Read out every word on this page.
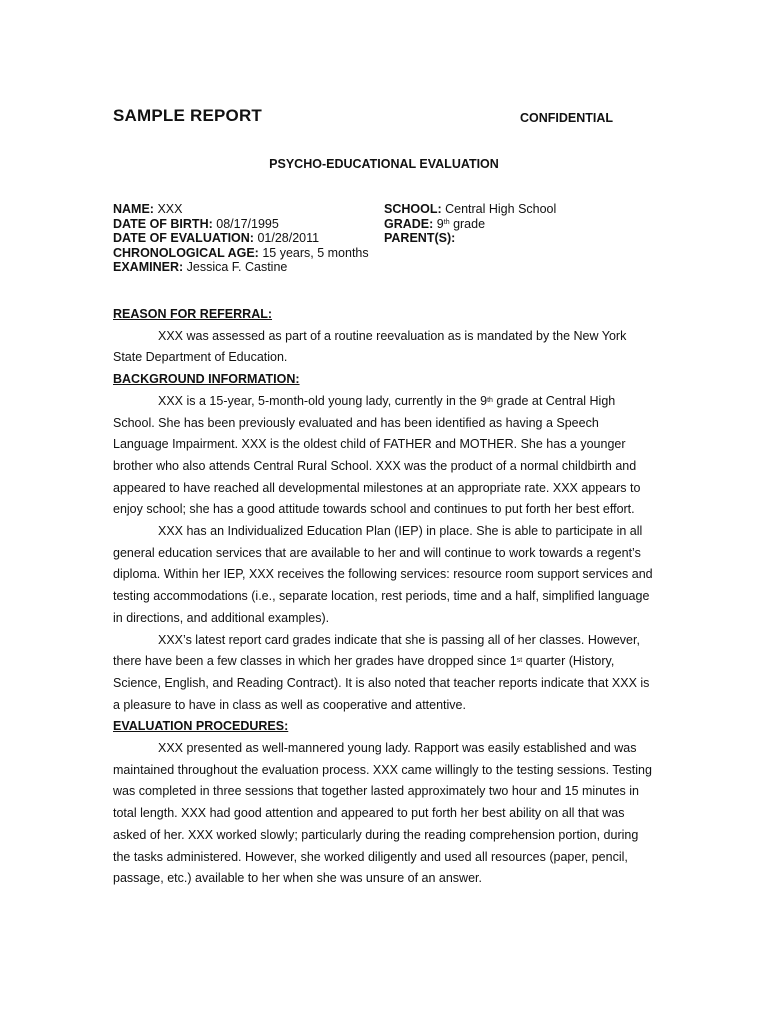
SAMPLE REPORT	CONFIDENTIAL
PSYCHO-EDUCATIONAL EVALUATION
NAME: XXX
DATE OF BIRTH: 08/17/1995
DATE OF EVALUATION: 01/28/2011
CHRONOLOGICAL AGE: 15 years, 5 months
EXAMINER: Jessica F. Castine
SCHOOL: Central High School
GRADE: 9th grade
PARENT(S):
REASON FOR REFERRAL:

XXX was assessed as part of a routine reevaluation as is mandated by the New York State Department of Education.

BACKGROUND INFORMATION:

XXX is a 15-year, 5-month-old young lady, currently in the 9th grade at Central High School. She has been previously evaluated and has been identified as having a Speech Language Impairment. XXX is the oldest child of FATHER and MOTHER. She has a younger brother who also attends Central Rural School. XXX was the product of a normal childbirth and appeared to have reached all developmental milestones at an appropriate rate. XXX appears to enjoy school; she has a good attitude towards school and continues to put forth her best effort.

XXX has an Individualized Education Plan (IEP) in place. She is able to participate in all general education services that are available to her and will continue to work towards a regent’s diploma. Within her IEP, XXX receives the following services: resource room support services and testing accommodations (i.e., separate location, rest periods, time and a half, simplified language in directions, and additional examples).

XXX’s latest report card grades indicate that she is passing all of her classes. However, there have been a few classes in which her grades have dropped since 1st quarter (History, Science, English, and Reading Contract). It is also noted that teacher reports indicate that XXX is a pleasure to have in class as well as cooperative and attentive.

EVALUATION PROCEDURES:

XXX presented as well-mannered young lady. Rapport was easily established and was maintained throughout the evaluation process. XXX came willingly to the testing sessions. Testing was completed in three sessions that together lasted approximately two hour and 15 minutes in total length. XXX had good attention and appeared to put forth her best ability on all that was asked of her. XXX worked slowly; particularly during the reading comprehension portion, during the tasks administered. However, she worked diligently and used all resources (paper, pencil, passage, etc.) available to her when she was unsure of an answer.
